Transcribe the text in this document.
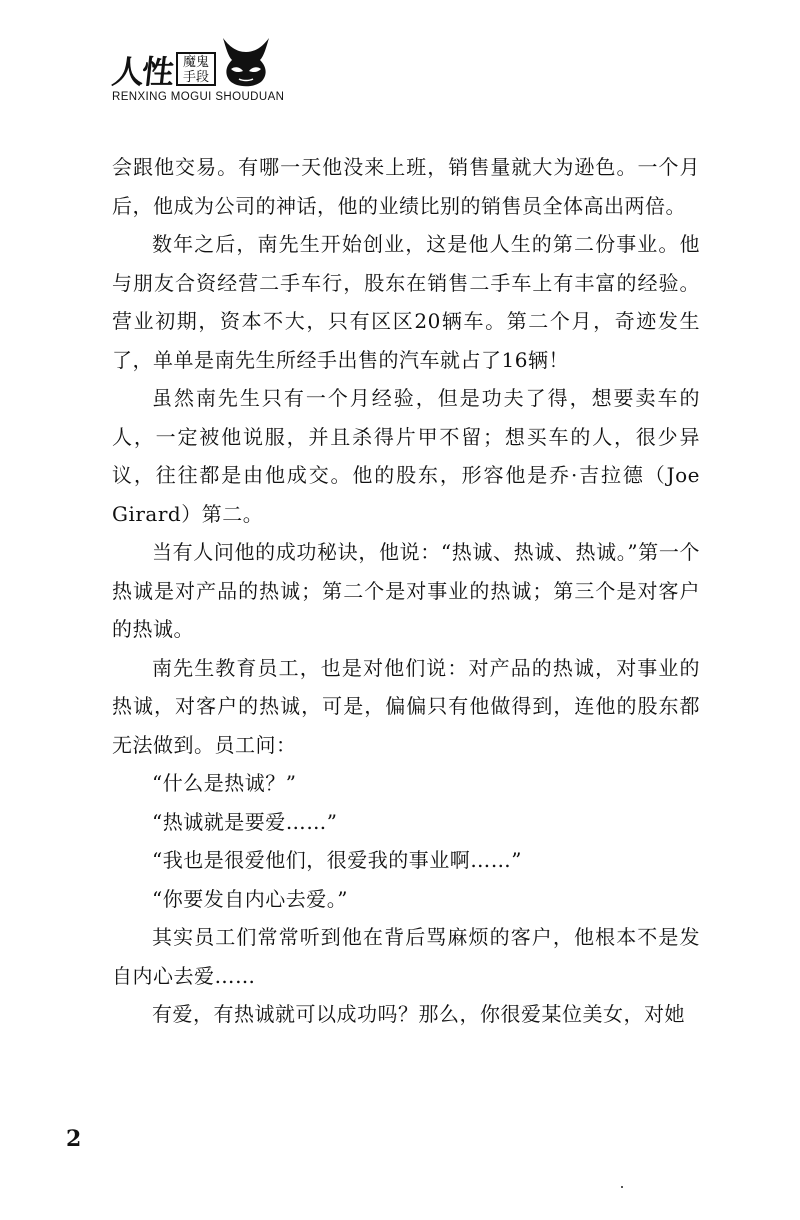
人性 魔鬼
手段
RENXING MOGUI SHOUDUAN

会跟他交易。有哪一天他没来上班，销售量就大为逊色。一个月后，他成为公司的神话，他的业绩比别的销售员全体高出两倍。

数年之后，南先生开始创业，这是他人生的第二份事业。他与朋友合资经营二手车行，股东在销售二手车上有丰富的经验。营业初期，资本不大，只有区区20辆车。第二个月，奇迹发生了，单单是南先生所经手出售的汽车就占了16辆！

虽然南先生只有一个月经验，但是功夫了得，想要卖车的人，一定被他说服，并且杀得片甲不留；想买车的人，很少异议，往往都是由他成交。他的股东，形容他是乔·吉拉德（Joe Girard）第二。

当有人问他的成功秘诀，他说：“热诚、热诚、热诚。”第一个热诚是对产品的热诚；第二个是对事业的热诚；第三个是对客户的热诚。

南先生教育员工，也是对他们说：对产品的热诚，对事业的热诚，对客户的热诚，可是，偏偏只有他做得到，连他的股东都无法做到。员工问：

“什么是热诚？”

“热诚就是要爱……”

“我也是很爱他们，很爱我的事业啊……”

“你要发自内心去爱。”

其实员工们常常听到他在背后骂麻烦的客户，他根本不是发自内心去爱……

有爱，有热诚就可以成功吗？那么，你很爱某位美女，对她

2
